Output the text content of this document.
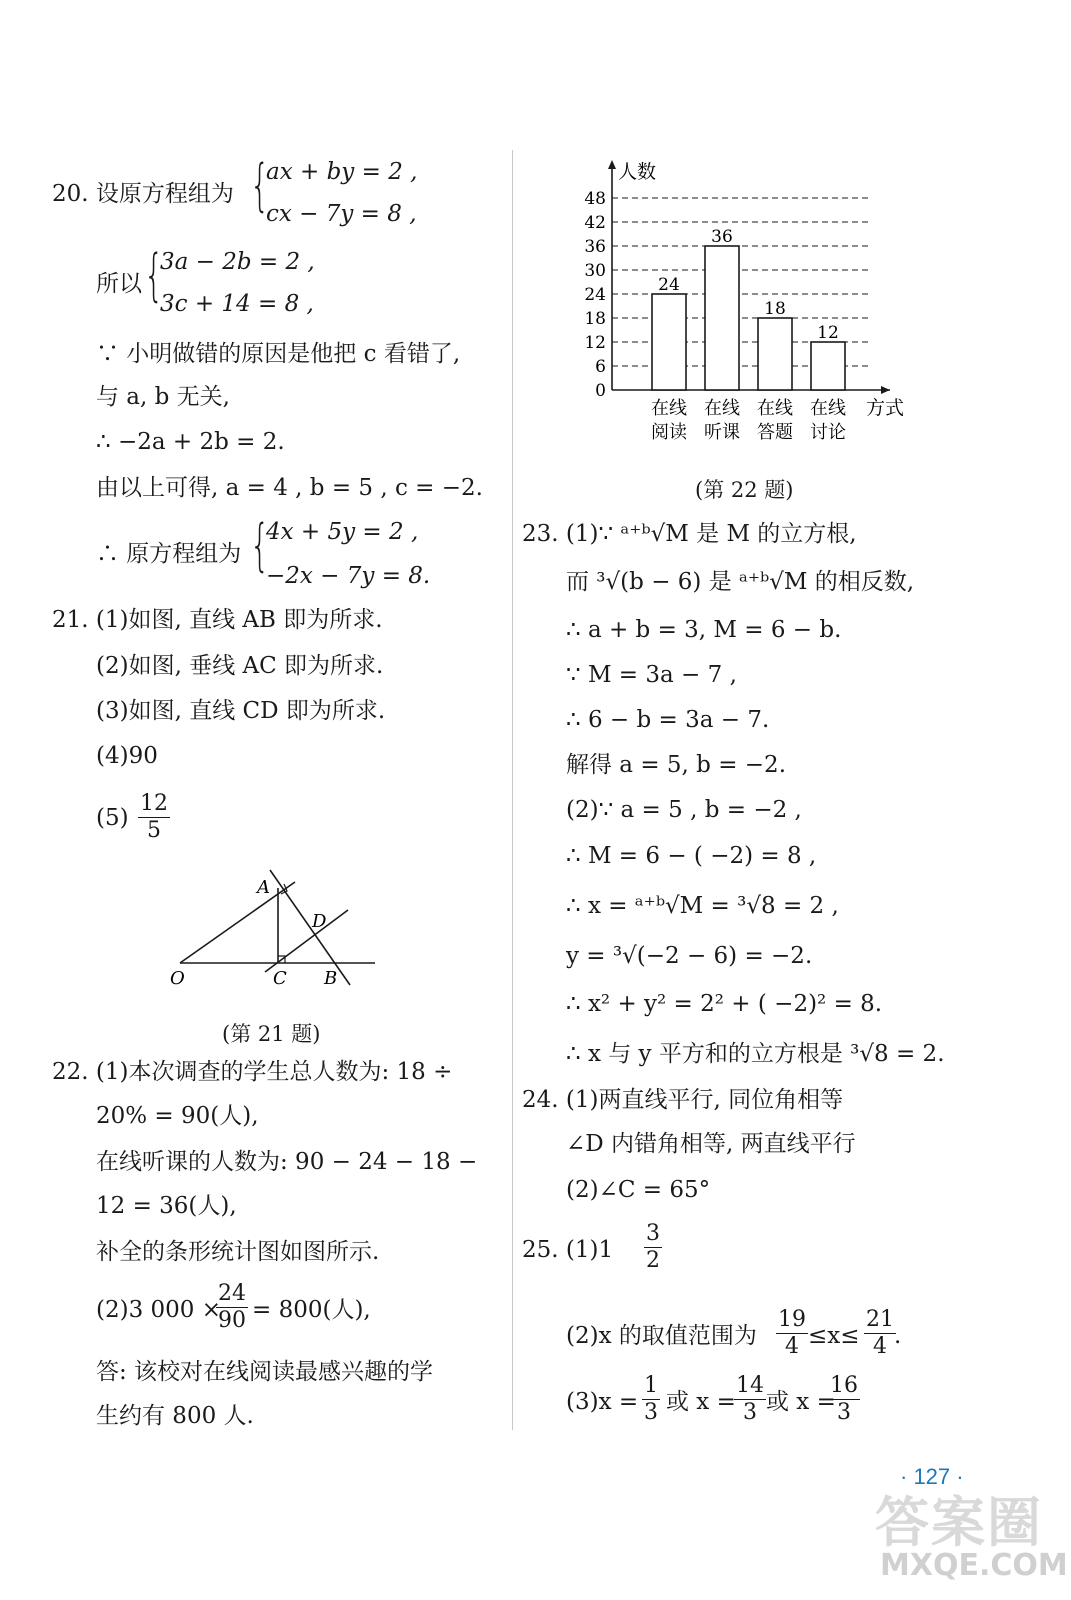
20. 设原方程组为 {
ax + by = 2 ,
cx − 7y = 8 ,
所以 {
3a − 2b = 2 ,
3c + 14 = 8 ,
∵ 小明做错的原因是他把 c 看错了,
与 a, b 无关,
∴ −2a + 2b = 2.
由以上可得, a = 4 , b = 5 , c = −2.
∴ 原方程组为 {
4x + 5y = 2 ,
−2x − 7y = 8.
21. (1)如图, 直线 AB 即为所求.
(2)如图, 垂线 AC 即为所求.
(3)如图, 直线 CD 即为所求.
(4)90
(5)
12
5
A
D
O	C B
(第 21 题)
22. (1)本次调查的学生总人数为: 18 ÷
20% = 90(人),
在线听课的人数为: 90 − 24 − 18 −
12 = 36(人),
补全的条形统计图如图所示.
(2)3 000 ×
24
90 = 800(人),
答: 该校对在线阅读最感兴趣的学
生约有 800 人.
0
6
12
18
24
30
36
42
48
人数
方式
24
在线
阅读
36
在线
听课
18
在线
答题
12
在线
讨论
(第 22 题)
23. (1)∵ ᵃ⁺ᵇ√M 是 M 的立方根,
而 ³√(b − 6) 是 ᵃ⁺ᵇ√M 的相反数,
∴ a + b = 3, M = 6 − b.
∵ M = 3a − 7 ,
∴ 6 − b = 3a − 7.
解得 a = 5, b = −2.
(2)∵ a = 5 , b = −2 ,
∴ M = 6 − ( −2) = 8 ,
∴ x = ᵃ⁺ᵇ√M = ³√8 = 2 ,
y = ³√(−2 − 6) = −2.
∴ x² + y² = 2² + ( −2)² = 8.
∴ x 与 y 平方和的立方根是 ³√8 = 2.
24. (1)两直线平行, 同位角相等
∠D 内错角相等, 两直线平行
(2)∠C = 65°
25. (1)1
3
2
(2)x 的取值范围为
19
4 ≤x≤
21
4 .
(3)x =
1
3 或 x =
14
3 或 x =
16
3
· 127 ·
答案圈
MXQE.COM
